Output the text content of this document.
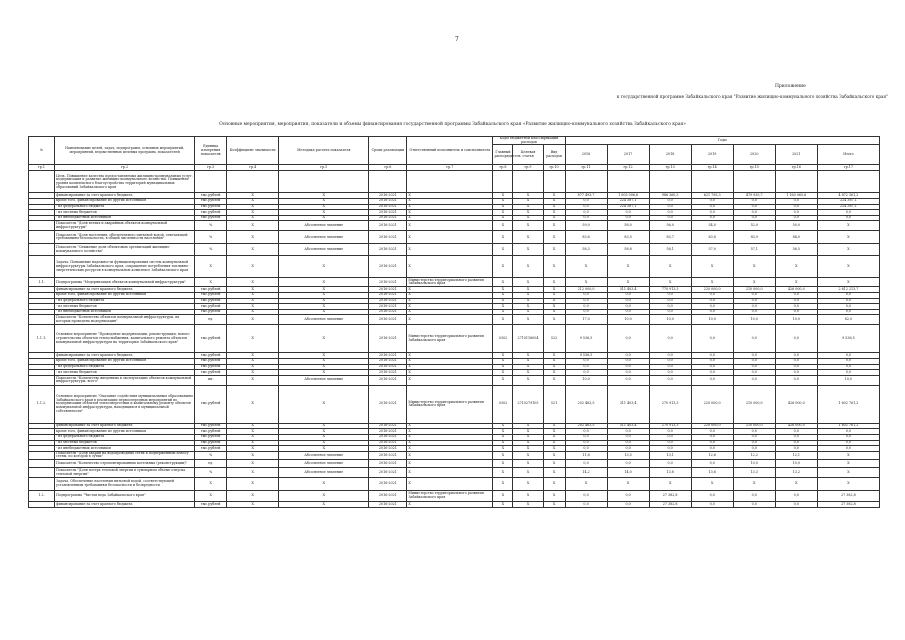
7
Приложение
к государственной программе Забайкальского края "Развитие жилищно-коммунального хозяйства Забайкальского края"
Основные мероприятия, мероприятия, показатели и объемы финансирования государственной программы Забайкальского края «Развитие жилищно-коммунального хозяйства Забайкальского края»
№	Наименование целей, задач, подпрограмм, основных мероприятий, мероприятий, ведомственных целевых программ, показателей	Единица измерения показателя	Коэффициент значимости	Методика расчета показателя	Сроки реализации	Ответственный исполнитель и соисполнитель	Коды бюджетной классификации расходов			Годы						
							Главный распорядитель	Целевая статья	Вид расходов	2016	2017	2018	2019	2020	2021	Итого
гр.1	гр.2	гр.3	гр.4	гр.5	гр.6	гр.7	гр.8	гр.9	гр.10	гр.11	гр.12	гр.13	гр.14	гр.15	гр.16	гр.17
	Цель. Повышение качества предоставляемых жилищно-коммунальных услуг, модернизация и развитие жилищно-коммунального хозяйства. Повышение уровня комплексного благоустройства территорий муниципальных образований Забайкальского края															
	финансирование за счет краевого бюджета	тыс.рублей	X	X	2016-2021	X	X	X	X	877 493,7	1 005 006,6	986 360,3	621 795,3	479 935,7	1 160 065,6	4 872 361,2
	кроме того, финансирование из других источников	тыс.рублей	X	X	2016-2021	X	X	X	X	0,0	224 387,1	0,0	0,0	0,0	0,0	224 387,1
	- из федерального бюджета	тыс.рублей	X	X	2016-2021	X	X	X	X	0,0	224 387,1	0,0	0,0	0,0	0,0	224 387,1
	- из местных бюджетов	тыс.рублей	X	X	2016-2021	X	X	X	X	0,0	0,0	0,0	0,0	0,0	0,0	0,0
	- из внебюджетных источников	тыс.рублей	X	X	2016-2021	X	X	X	X	0,0	0,0	0,0	0,0	0,0	0,0	0,0
	Показатель "Доля ветхих и аварийных объектов коммунальной инфраструктуры"	%	X	Абсолютное значение	2016-2021	X	X	X	X	59,0	58,0	56,0	54,0	52,0	50,0	X
	Показатель "Доля населения, обеспеченного питьевой водой, отвечающей требованиям безопасности, в общей численности населения"	%	X	Абсолютное значение	2016-2021	X	X	X	X	83,6	83,5	83,7	83,8	83,9	84,0	X
	Показатель "Снижение доли объектовых организаций жилищно-коммунального хозяйства"	%	X	Абсолютное значение	2016-2021	X	X	X	X	58,3	58,8	58,1	57,0	57,1	56,5	X
	Задача. Повышение надежности функционирования систем коммунальной инфраструктуры Забайкальского края, сокращение потребления топливно-энергетических ресурсов в коммунальном комплексе Забайкальского края	X	X	X	2016-2021	X	X	X	X	X	X	X	X	X	X	X
1.1.	Подпрограмма "Модернизация объектов коммунальной инфраструктуры"	X	X	X	2016-2021	Министерство территориального развития Забайкальского края	X	X	X	X	X	X	X	X	X	X
	финансирование за счет краевого бюджета	тыс.рублей	X	X	2016-2021	X	X	X	X	212 000,0	311 403,4	770 913,3	220 000,0	210 000,0	426 000,0	2 612 213,7
	кроме того, финансирование из других источников	тыс.рублей	X	X	2016-2021	X	X	X	X	0,0	0,0	0,0	0,0	0,0	0,0	0,0
	- из федерального бюджета	тыс.рублей	X	X	2016-2021	X	X	X	X	0,0	0,0	0,0	0,0	0,0	0,0	0,0
	- из местных бюджетов	тыс.рублей	X	X	2016-2021	X	X	X	X	0,0	0,0	0,0	0,0	0,0	0,0	0,0
	- из внебюджетных источников	тыс.рублей	X	X	2016-2021	X	X	X	X	0,0	0,0	0,0	0,0	0,0	0,0	0,0
	Показатель "Количество объектов коммунальной инфраструктуры, на которых проведена модернизация"	ед.	X	Абсолютное значение	2016-2021	X	X	X	X	17,0	10,0	10,0	10,0	10,0	10,0	82,0
1.1.1.	Основное мероприятие "Проведение модернизации, реконструкции, нового строительства объектов теплоснабжения, капитального ремонта объектов коммунальной инфраструктуры на территории Забайкальского края"	тыс.рублей	X	X	2016-2021	Министерство территориального развития Забайкальского края	0302	2710116004	522	9 536,5	0,0	0,0	0,0	0,0	0,0	9 536,5
	финансирование за счет краевого бюджета	тыс.рублей	X	X	2016-2021	X	X	X	X	9 536,5	0,0	0,0	0,0	0,0	0,0	0,0
	кроме того, финансирование из других источников	тыс.рублей	X	X	2016-2021	X	X	X	X	0,0	0,0	0,0	0,0	0,0	0,0	0,0
	- из федерального бюджета	тыс.рублей	X	X	2016-2021	X	X	X	X	0,0	0,0	0,0	0,0	0,0	0,0	0,0
	- из местных бюджетов	тыс.рублей	X	X	2016-2021	X	X	X	X	0,0	0,0	0,0	0,0	0,0	0,0	0,0
	Показатель "Количество введенных в эксплуатацию объектов коммунальной инфраструктуры, всего"	шт.	X	Абсолютное значение	2016-2021	X	X	X	X	10,0	0,0	0,0	0,0	0,0	0,0	10,0
1.1.2.	Основное мероприятие "Оказание содействия муниципальным образованиям Забайкальского края в реализации первоочередных мероприятий по модернизации объектов теплоэнергетики и капитальному ремонту объектов коммунальной инфраструктуры, находящихся в муниципальной собственности"	тыс.рублей	X	X	2016-2021	Министерство территориального развития Забайкальского края	0302	2710279105	521	202 463,5	311 403,4	270 913,3	220 000,0	210 000,0	426 000,0	1 602 761,2
	финансирование за счет краевого бюджета	тыс.рублей	X	X	2016-2021	X	X	X	X	202 463,5	311 403,4	270 913,3	220 000,0	210 000,0	426 000,0	1 602 761,2
	кроме того, финансирование из других источников	тыс.рублей	X	X	2016-2021	X	X	X	X	0,0	0,0	0,0	0,0	0,0	0,0	0,0
	- из федерального бюджета	тыс.рублей	X	X	2016-2021	X	X	X	X	0,0	0,0	0,0	0,0	0,0	0,0	0,0
	- из местных бюджетов	тыс.рублей	X	X	2016-2021	X	X	X	X	0,0	0,0	0,0	0,0	0,0	0,0	0,0
	- из внебюджетных источников	тыс.рублей	X	X	2016-2021	X	X	X	X	0,0	0,0	0,0	0,0	0,0	0,0	0,0
	Показатель "Доля аварий на водопроводных сетях к подверженным износу сетям, по которой в сутки"	%	X	Абсолютное значение	2016-2021	X	X	X	X	11,8	13,5	13,1	12,6	12,2	12,1	X
	Показатель "Количество отремонтированных котельных (реконструкции)"	ед.	X	Абсолютное значение	2016-2021	X	X	X	X	0,0	0,0	0,0	0,0	10,0	10,0	X
	Показатель "Доля потерь тепловой энергии в суммарном объеме отпуска тепловой энергии"	%	X	Абсолютное значение	2016-2021	X	X	X	X	14,2	14,0	13,8	13,6	13,3	13,2	X
	Задача. Обеспечение населения питьевой водой, соответствующей установленным требованиям безопасности и безвредности	X	X	X	2016-2021	X	X	X	X	X	X	X	X	X	X	X
1.2.	Подпрограмма "Чистая вода Забайкальского края"	X	X	X	2016-2021	Министерство территориального развития Забайкальского края	X	X	X	0,0	0,0	27 382,8	0,0	0,0	0,0	27 382,8
	финансирование за счет краевого бюджета	тыс.рублей	X	X	2016-2021	X	X	X	X	0,0	0,0	27 382,8	0,0	0,0	0,0	27 382,8
